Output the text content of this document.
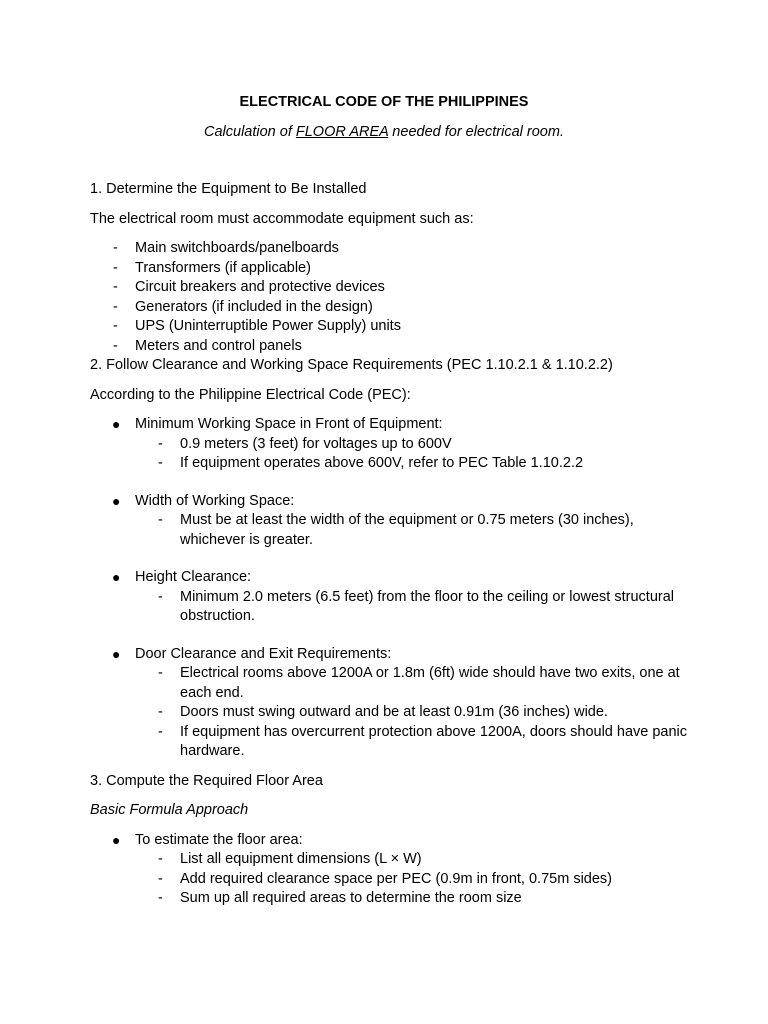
ELECTRICAL CODE OF THE PHILIPPINES
Calculation of FLOOR AREA needed for electrical room.
1. Determine the Equipment to Be Installed
The electrical room must accommodate equipment such as:
- Main switchboards/panelboards
- Transformers (if applicable)
- Circuit breakers and protective devices
- Generators (if included in the design)
- UPS (Uninterruptible Power Supply) units
- Meters and control panels
2. Follow Clearance and Working Space Requirements (PEC 1.10.2.1 & 1.10.2.2)
According to the Philippine Electrical Code (PEC):
● Minimum Working Space in Front of Equipment:
- 0.9 meters (3 feet) for voltages up to 600V
- If equipment operates above 600V, refer to PEC Table 1.10.2.2
● Width of Working Space:
- Must be at least the width of the equipment or 0.75 meters (30 inches), whichever is greater.
● Height Clearance:
- Minimum 2.0 meters (6.5 feet) from the floor to the ceiling or lowest structural obstruction.
● Door Clearance and Exit Requirements:
- Electrical rooms above 1200A or 1.8m (6ft) wide should have two exits, one at each end.
- Doors must swing outward and be at least 0.91m (36 inches) wide.
- If equipment has overcurrent protection above 1200A, doors should have panic hardware.
3. Compute the Required Floor Area
Basic Formula Approach
● To estimate the floor area:
- List all equipment dimensions (L × W)
- Add required clearance space per PEC (0.9m in front, 0.75m sides)
- Sum up all required areas to determine the room size
